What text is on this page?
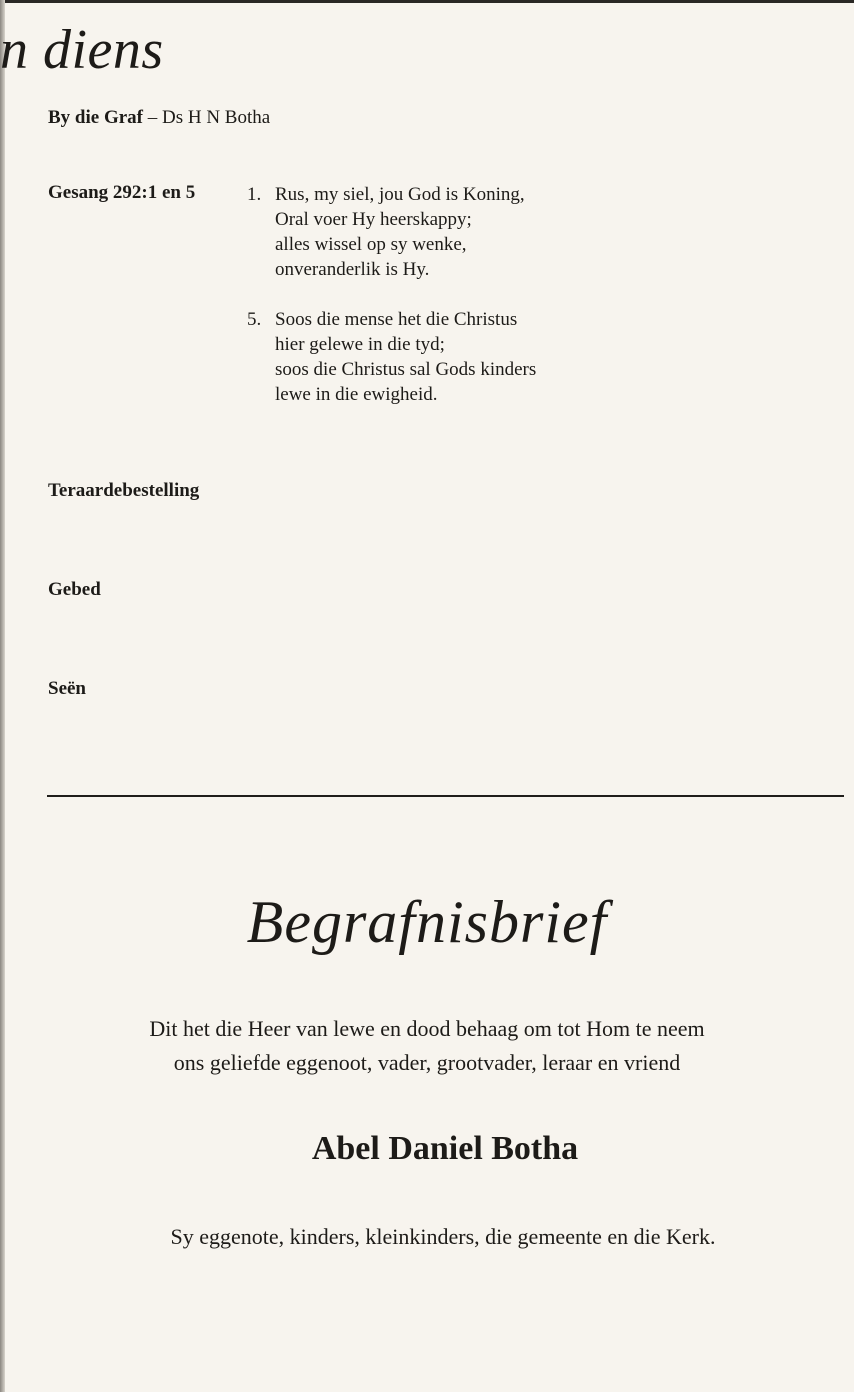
n diens
By die Graf – Ds H N Botha
Gesang 292:1 en 5	1. Rus, my siel, jou God is Koning,
Oral voer Hy heerskappy;
alles wissel op sy wenke,
onveranderlik is Hy.
5. Soos die mense het die Christus
hier gelewe in die tyd;
soos die Christus sal Gods kinders
lewe in die ewigheid.
Teraardebestelling
Gebed
Seën
Begrafnisbrief
Dit het die Heer van lewe en dood behaag om tot Hom te neem
ons geliefde eggenoot, vader, grootvader, leraar en vriend
Abel Daniel Botha
Sy eggenote, kinders, kleinkinders, die gemeente en die Kerk.
